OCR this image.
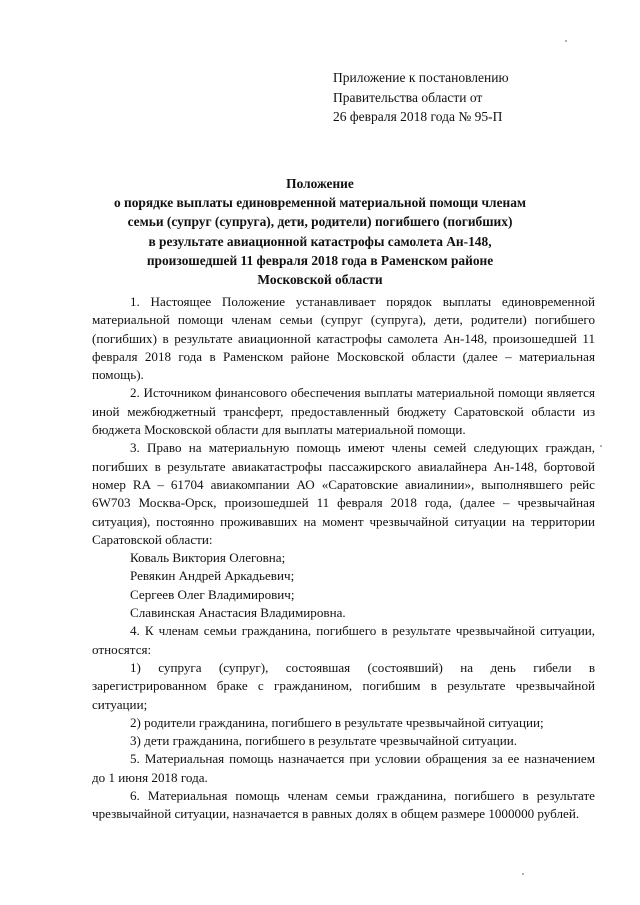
Приложение к постановлению
Правительства области от
26 февраля 2018 года № 95-П
Положение
о порядке выплаты единовременной материальной помощи членам
семьи (супруг (супруга), дети, родители) погибшего (погибших)
в результате авиационной катастрофы самолета Ан-148,
произошедшей 11 февраля 2018 года в Раменском районе
Московской области

1. Настоящее Положение устанавливает порядок выплаты единовременной материальной помощи членам семьи (супруг (супруга), дети, родители) погибшего (погибших) в результате авиационной катастрофы самолета Ан-148, произошедшей 11 февраля 2018 года в Раменском районе Московской области (далее – материальная помощь).

2. Источником финансового обеспечения выплаты материальной помощи является иной межбюджетный трансферт, предоставленный бюджету Саратовской области из бюджета Московской области для выплаты материальной помощи.

3. Право на материальную помощь имеют члены семей следующих граждан, погибших в результате авиакатастрофы пассажирского авиалайнера Ан-148, бортовой номер RA – 61704 авиакомпании АО «Саратовские авиалинии», выполнявшего рейс 6W703 Москва-Орск, произошедшей 11 февраля 2018 года, (далее – чрезвычайная ситуация), постоянно проживавших на момент чрезвычайной ситуации на территории Саратовской области:

Коваль Виктория Олеговна;

Ревякин Андрей Аркадьевич;

Сергеев Олег Владимирович;

Славинская Анастасия Владимировна.

4. К членам семьи гражданина, погибшего в результате чрезвычайной ситуации, относятся:

1) супруга (супруг), состоявшая (состоявший) на день гибели в зарегистрированном браке с гражданином, погибшим в результате чрезвычайной ситуации;

2) родители гражданина, погибшего в результате чрезвычайной ситуации;

3) дети гражданина, погибшего в результате чрезвычайной ситуации.

5. Материальная помощь назначается при условии обращения за ее назначением до 1 июня 2018 года.

6. Материальная помощь членам семьи гражданина, погибшего в результате чрезвычайной ситуации, назначается в равных долях в общем размере 1000000 рублей.
